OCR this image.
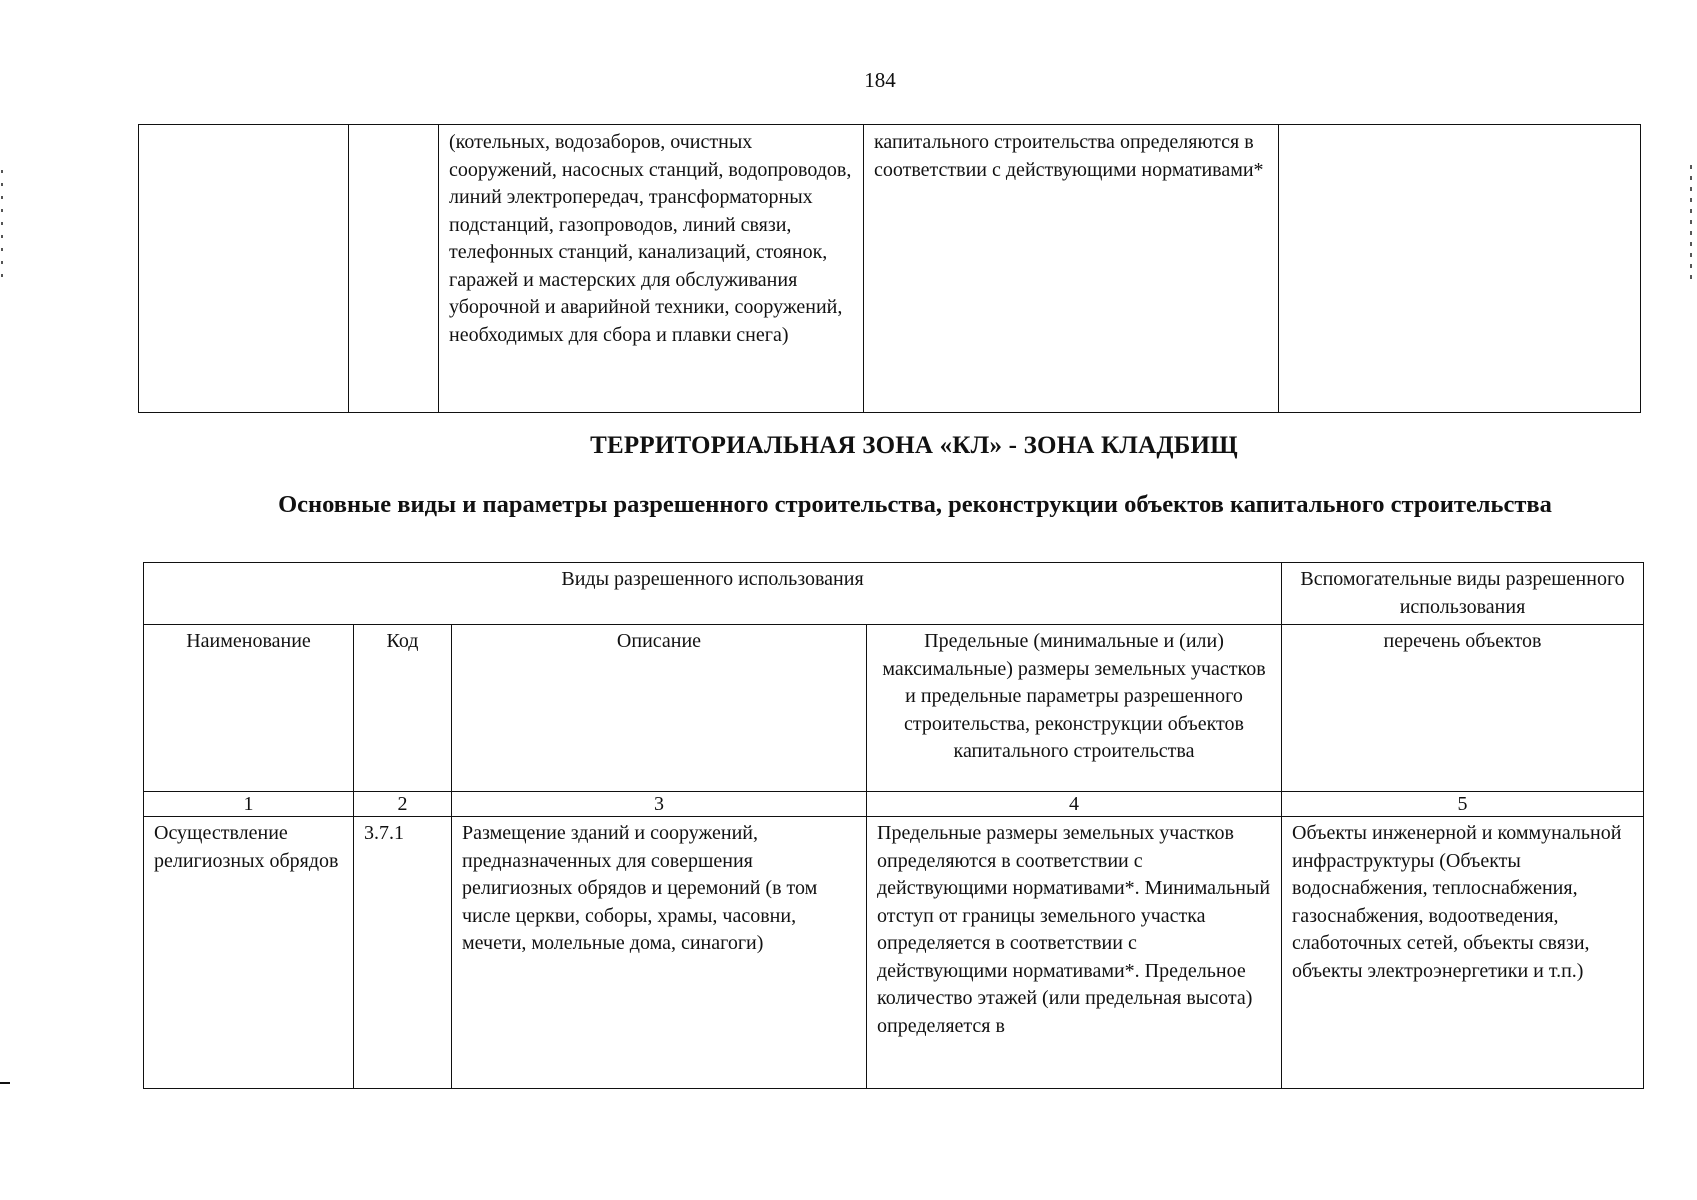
184
		(котельных, водозаборов, очистных сооружений, насосных станций, водопроводов, линий электропередач, трансформаторных подстанций, газопроводов, линий связи, телефонных станций, канализаций, стоянок, гаражей и мастерских для обслуживания уборочной и аварийной техники, сооружений, необходимых для сбора и плавки снега)	капитального строительства определяются в соответствии с действующими нормативами*	
ТЕРРИТОРИАЛЬНАЯ ЗОНА «КЛ» - ЗОНА КЛАДБИЩ
Основные виды и параметры разрешенного строительства, реконструкции объектов капитального строительства
Виды разрешенного использования				Вспомогательные виды разрешенного использования
Наименование	Код	Описание	Предельные (минимальные и (или) максимальные) размеры земельных участков и предельные параметры разрешенного строительства, реконструкции объектов капитального строительства	перечень объектов
1	2	3	4	5
Осуществление религиозных обрядов	3.7.1	Размещение зданий и сооружений, предназначенных для совершения религиозных обрядов и церемоний (в том числе церкви, соборы, храмы, часовни, мечети, молельные дома, синагоги)	Предельные размеры земельных участков определяются в соответствии с действующими нормативами*. Минимальный отступ от границы земельного участка определяется в соответствии с действующими нормативами*. Предельное количество этажей (или предельная высота) определяется в	Объекты инженерной и коммунальной инфраструктуры (Объекты водоснабжения, теплоснабжения, газоснабжения, водоотведения, слаботочных сетей, объекты связи, объекты электроэнергетики и т.п.)
